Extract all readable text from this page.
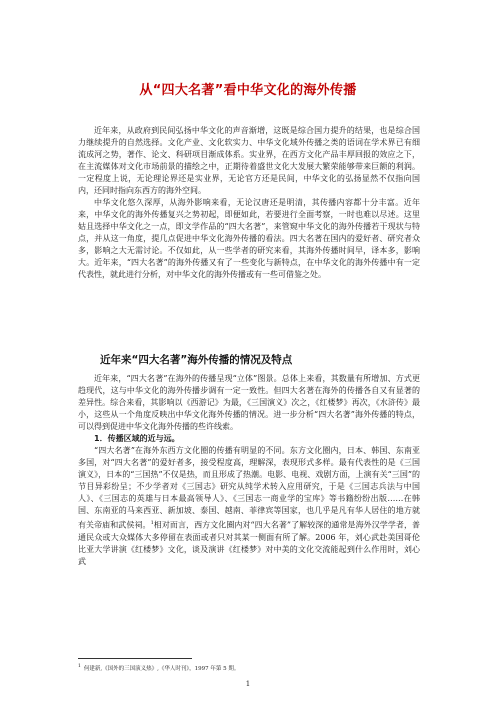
从“四大名著”看中华文化的海外传播

近年来，从政府到民间弘扬中华文化的声音渐增，这既是综合国力提升的结果，也是综合国力继续提升的自然选择。文化产业、文化软实力、中华文化域外传播之类的语词在学术界已有细流成河之势，著作、论文、科研项目渐成体系。实业界，在西方文化产品丰厚回报的效应之下，在主流媒体对文化市场前景的描绘之中，正期待着盛世文化大发展大繁荣能够带来巨额的利润。一定程度上说，无论理论界还是实业界，无论官方还是民间，中华文化的弘扬显然不仅指向国内，还同时指向东西方的海外空间。

中华文化悠久深厚，从海外影响来看，无论汉唐还是明清，其传播内容都十分丰富。近年来，中华文化的海外传播复兴之势初起，即便如此，若要进行全面考察，一时也难以尽述。这里姑且选择中华文化之一点，即文学作品的“四大名著”，来管窥中华文化的海外传播若干现状与特点，并从这一角度，提几点促进中华文化海外传播的看法。四大名著在国内的爱好者、研究者众多，影响之大无需讨论。不仅如此，从一些学者的研究来看，其海外传播时间早，译本多，影响大。近年来，“四大名著”的海外传播又有了一些变化与新特点，在中华文化的海外传播中有一定代表性，就此进行分析，对中华文化的海外传播或有一些可借鉴之处。

近年来“四大名著”海外传播的情况及特点

近年来，“四大名著”在海外的传播呈现“立体”图景。总体上来看，其数量有所增加、方式更趋现代，这与中华文化的海外传播步调有一定一致性。但四大名著在海外的传播各自又有显著的差异性。综合来看，其影响以《西游记》为最，《三国演义》次之，《红楼梦》再次，《水浒传》最小，这些从一个角度反映出中华文化海外传播的情况。进一步分析“四大名著”海外传播的特点，可以得到促进中华文化海外传播的些许线索。

1．传播区域的近与远。

“四大名著”在海外东西方文化圈的传播有明显的不同。东方文化圈内，日本、韩国、东南亚多国，对“四大名著”的爱好者多，接受程度高，理解深，表现形式多样。最有代表性的是《三国演义》，日本的“三国热”不仅是热，而且形成了热潮。电影、电视、戏剧方面，上演有关“三国”的节目异彩纷呈；不少学者对《三国志》研究从纯学术转入应用研究，于是《三国志兵法与中国人》、《三国志的英雄与日本最高领导人》、《三国志一商业学的宝库》等书籍纷纷出版……在韩国、东南亚的马来西亚、新加坡、泰国、越南、菲律宾等国家，也几乎是凡有华人居住的地方就有关帝庙和武侯祠。$^1$相对而言，西方文化圈内对“四大名著”了解较深的通常是海外汉学学者，普通民众或大众媒体大多停留在表面或者只对其某一侧面有所了解。2006 年，刘心武赴美国哥伦比亚大学讲演《红楼梦》文化，谈及演讲《红楼梦》对中美的文化交流能起到什么作用时，刘心武

$^1$ 何建新,《国外的三国演义热》,《华人时刊》，1997 年第 5 期。
1
